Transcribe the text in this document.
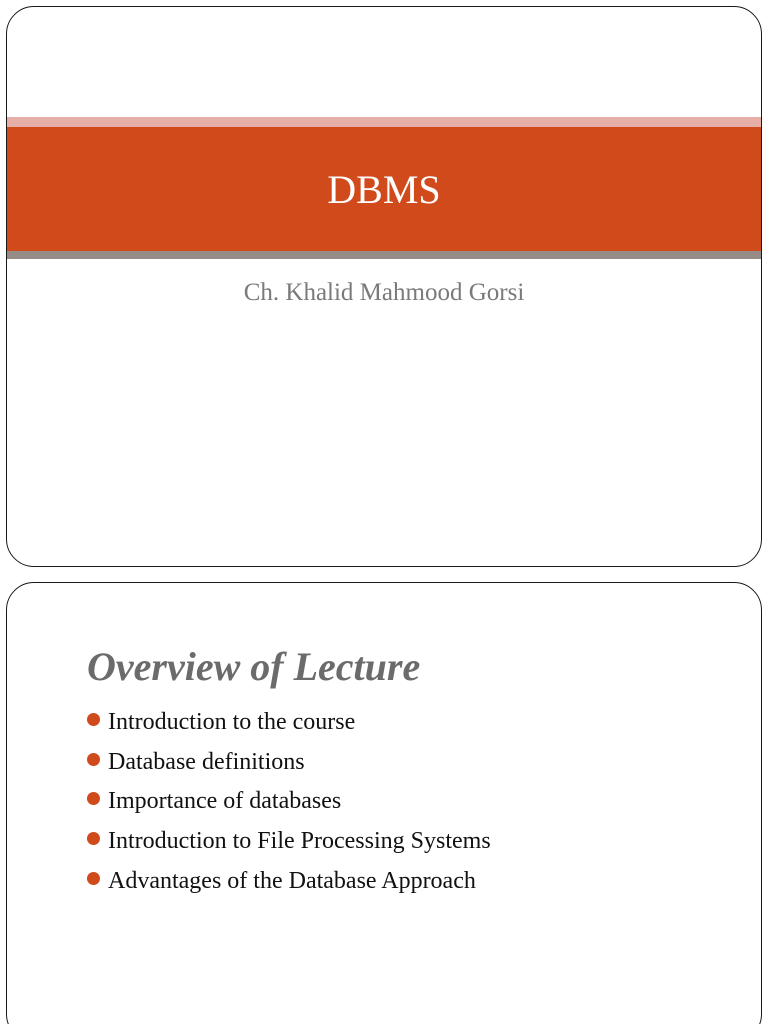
DBMS

Ch. Khalid Mahmood Gorsi

Overview of Lecture
Introduction to the course
Database definitions
Importance of databases
Introduction to File Processing Systems
Advantages of the Database Approach
